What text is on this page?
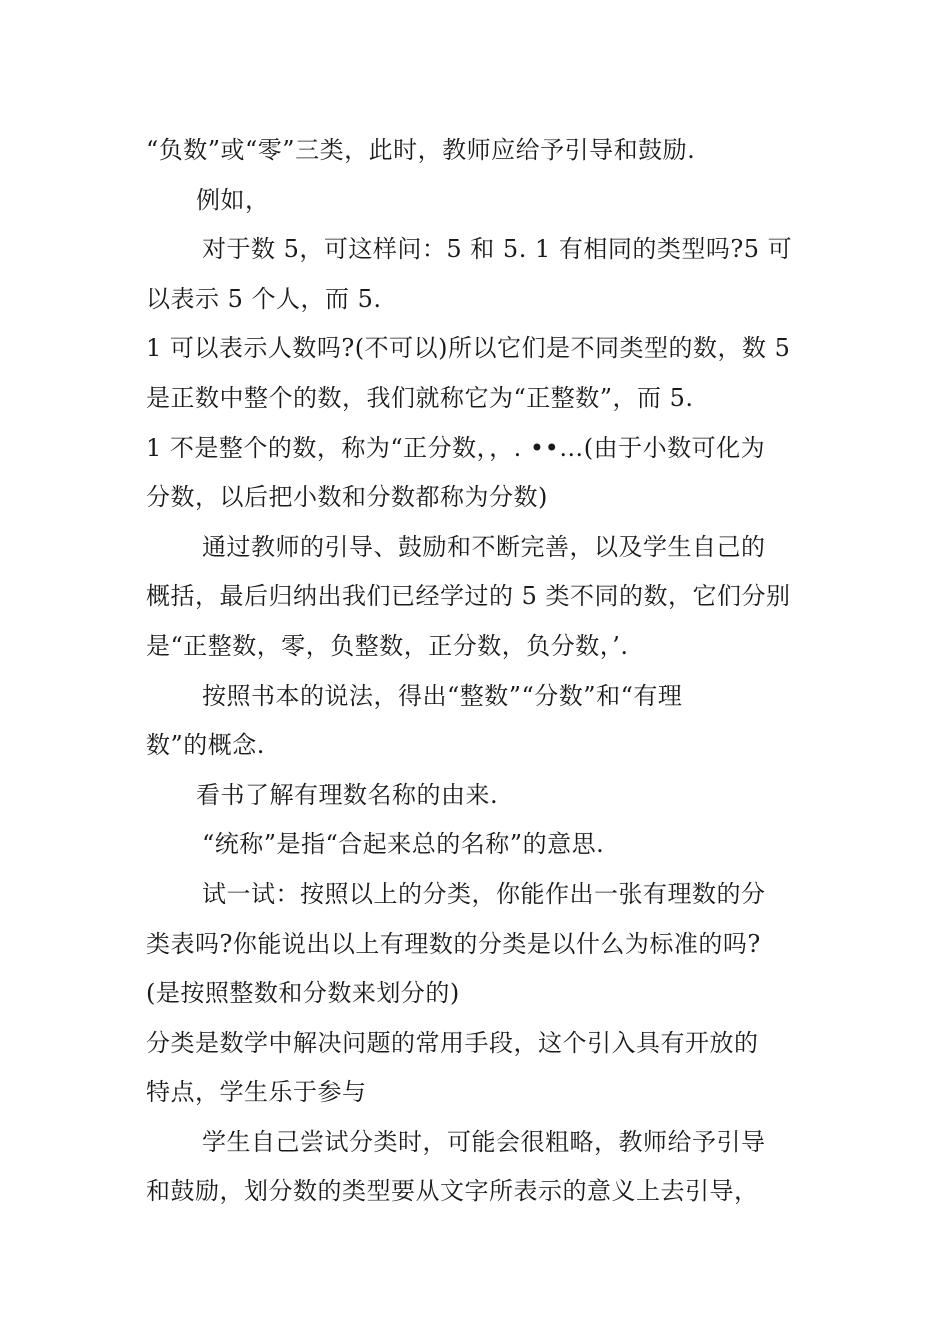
“负数”或“零”三类，此时，教师应给予引导和鼓励.
例如，
对于数 5，可这样问：5 和 5. 1 有相同的类型吗?5 可
以表示 5 个人，而 5.
1 可以表示人数吗?(不可以)所以它们是不同类型的数，数 5
是正数中整个的数，我们就称它为“正整数”，而 5.
1 不是整个的数，称为“正分数，，. ••…(由于小数可化为
分数，以后把小数和分数都称为分数)
通过教师的引导、鼓励和不断完善，以及学生自己的
概括，最后归纳出我们已经学过的 5 类不同的数，它们分别
是“正整数，零，负整数，正分数，负分数，’.
按照书本的说法，得出“整数”“分数”和“有理
数”的概念.
看书了解有理数名称的由来.
“统称”是指“合起来总的名称”的意思.
试一试：按照以上的分类，你能作出一张有理数的分
类表吗?你能说出以上有理数的分类是以什么为标准的吗?
(是按照整数和分数来划分的)
分类是数学中解决问题的常用手段，这个引入具有开放的
特点，学生乐于参与
学生自己尝试分类时，可能会很粗略，教师给予引导
和鼓励，划分数的类型要从文字所表示的意义上去引导，
